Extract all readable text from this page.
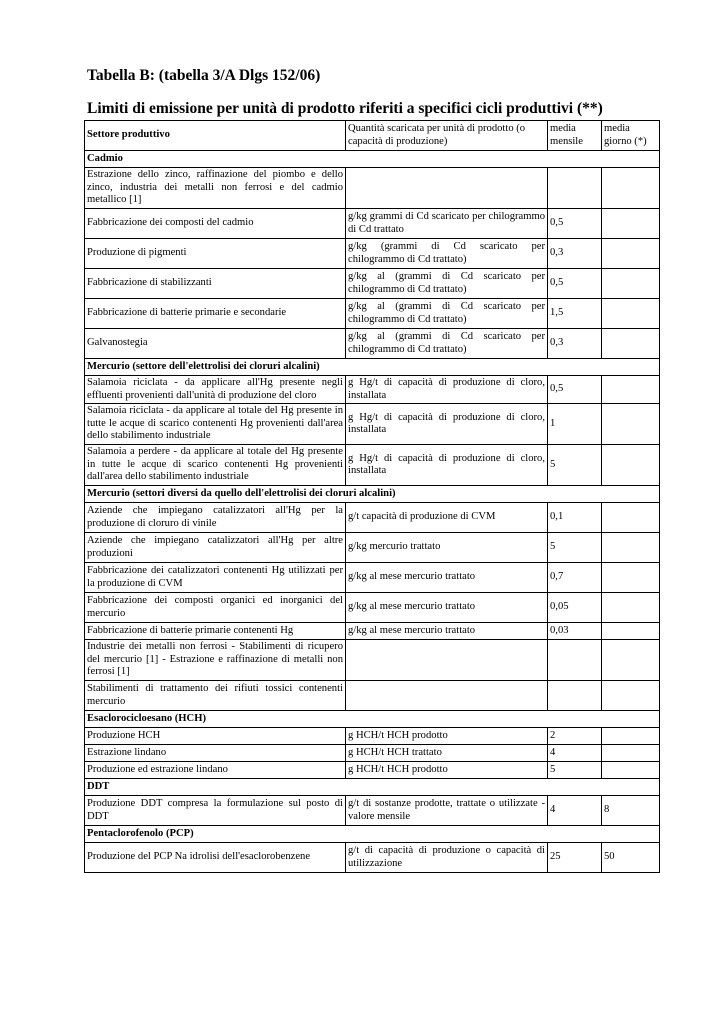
Tabella B: (tabella 3/A Dlgs 152/06)
Limiti di emissione per unità di prodotto riferiti a specifici cicli produttivi (**)
Settore produttivo	Quantità scaricata per unità di prodotto (o capacità di produzione)	media mensile	media giorno (*)
Cadmio			
Estrazione dello zinco, raffinazione del piombo e dello zinco, industria dei metalli non ferrosi e del cadmio metallico [1]			
Fabbricazione dei composti del cadmio	g/kg grammi di Cd scaricato per chilogrammo di Cd trattato	0,5	
Produzione di pigmenti	g/kg (grammi di Cd scaricato per chilogrammo di Cd trattato)	0,3	
Fabbricazione di stabilizzanti	g/kg al (grammi di Cd scaricato per chilogrammo di Cd trattato)	0,5	
Fabbricazione di batterie primarie e secondarie	g/kg al (grammi di Cd scaricato per chilogrammo di Cd trattato)	1,5	
Galvanostegia	g/kg al (grammi di Cd scaricato per chilogrammo di Cd trattato)	0,3	
Mercurio (settore dell'elettrolisi dei cloruri alcalini)			
Salamoia riciclata - da applicare all'Hg presente negli effluenti provenienti dall'unità di produzione del cloro	g Hg/t di capacità di produzione di cloro, installata	0,5	
Salamoia riciclata - da applicare al totale del Hg presente in tutte le acque di scarico contenenti Hg provenienti dall'area dello stabilimento industriale	g Hg/t di capacità di produzione di cloro, installata	1	
Salamoia a perdere - da applicare al totale del Hg presente in tutte le acque di scarico contenenti Hg provenienti dall'area dello stabilimento industriale	g Hg/t di capacità di produzione di cloro, installata	5	
Mercurio (settori diversi da quello dell'elettrolisi dei cloruri alcalini)			
Aziende che impiegano catalizzatori all'Hg per la produzione di cloruro di vinile	g/t capacità di produzione di CVM	0,1	
Aziende che impiegano catalizzatori all'Hg per altre produzioni	g/kg mercurio trattato	5	
Fabbricazione dei catalizzatori contenenti Hg utilizzati per la produzione di CVM	g/kg al mese mercurio trattato	0,7	
Fabbricazione dei composti organici ed inorganici del mercurio	g/kg al mese mercurio trattato	0,05	
Fabbricazione di batterie primarie contenenti Hg	g/kg al mese mercurio trattato	0,03	
Industrie dei metalli non ferrosi - Stabilimenti di ricupero del mercurio [1] - Estrazione e raffinazione di metalli non ferrosi [1]			
Stabilimenti di trattamento dei rifiuti tossici contenenti mercurio			
Esaclorocicloesano (HCH)			
Produzione HCH	g HCH/t HCH prodotto	2	
Estrazione lindano	g HCH/t HCH trattato	4	
Produzione ed estrazione lindano	g HCH/t HCH prodotto	5	
DDT			
Produzione DDT compresa la formulazione sul posto di DDT	g/t di sostanze prodotte, trattate o utilizzate - valore mensile	4	8
Pentaclorofenolo (PCP)			
Produzione del PCP Na idrolisi dell'esaclorobenzene	g/t di capacità di produzione o capacità di utilizzazione	25	50
